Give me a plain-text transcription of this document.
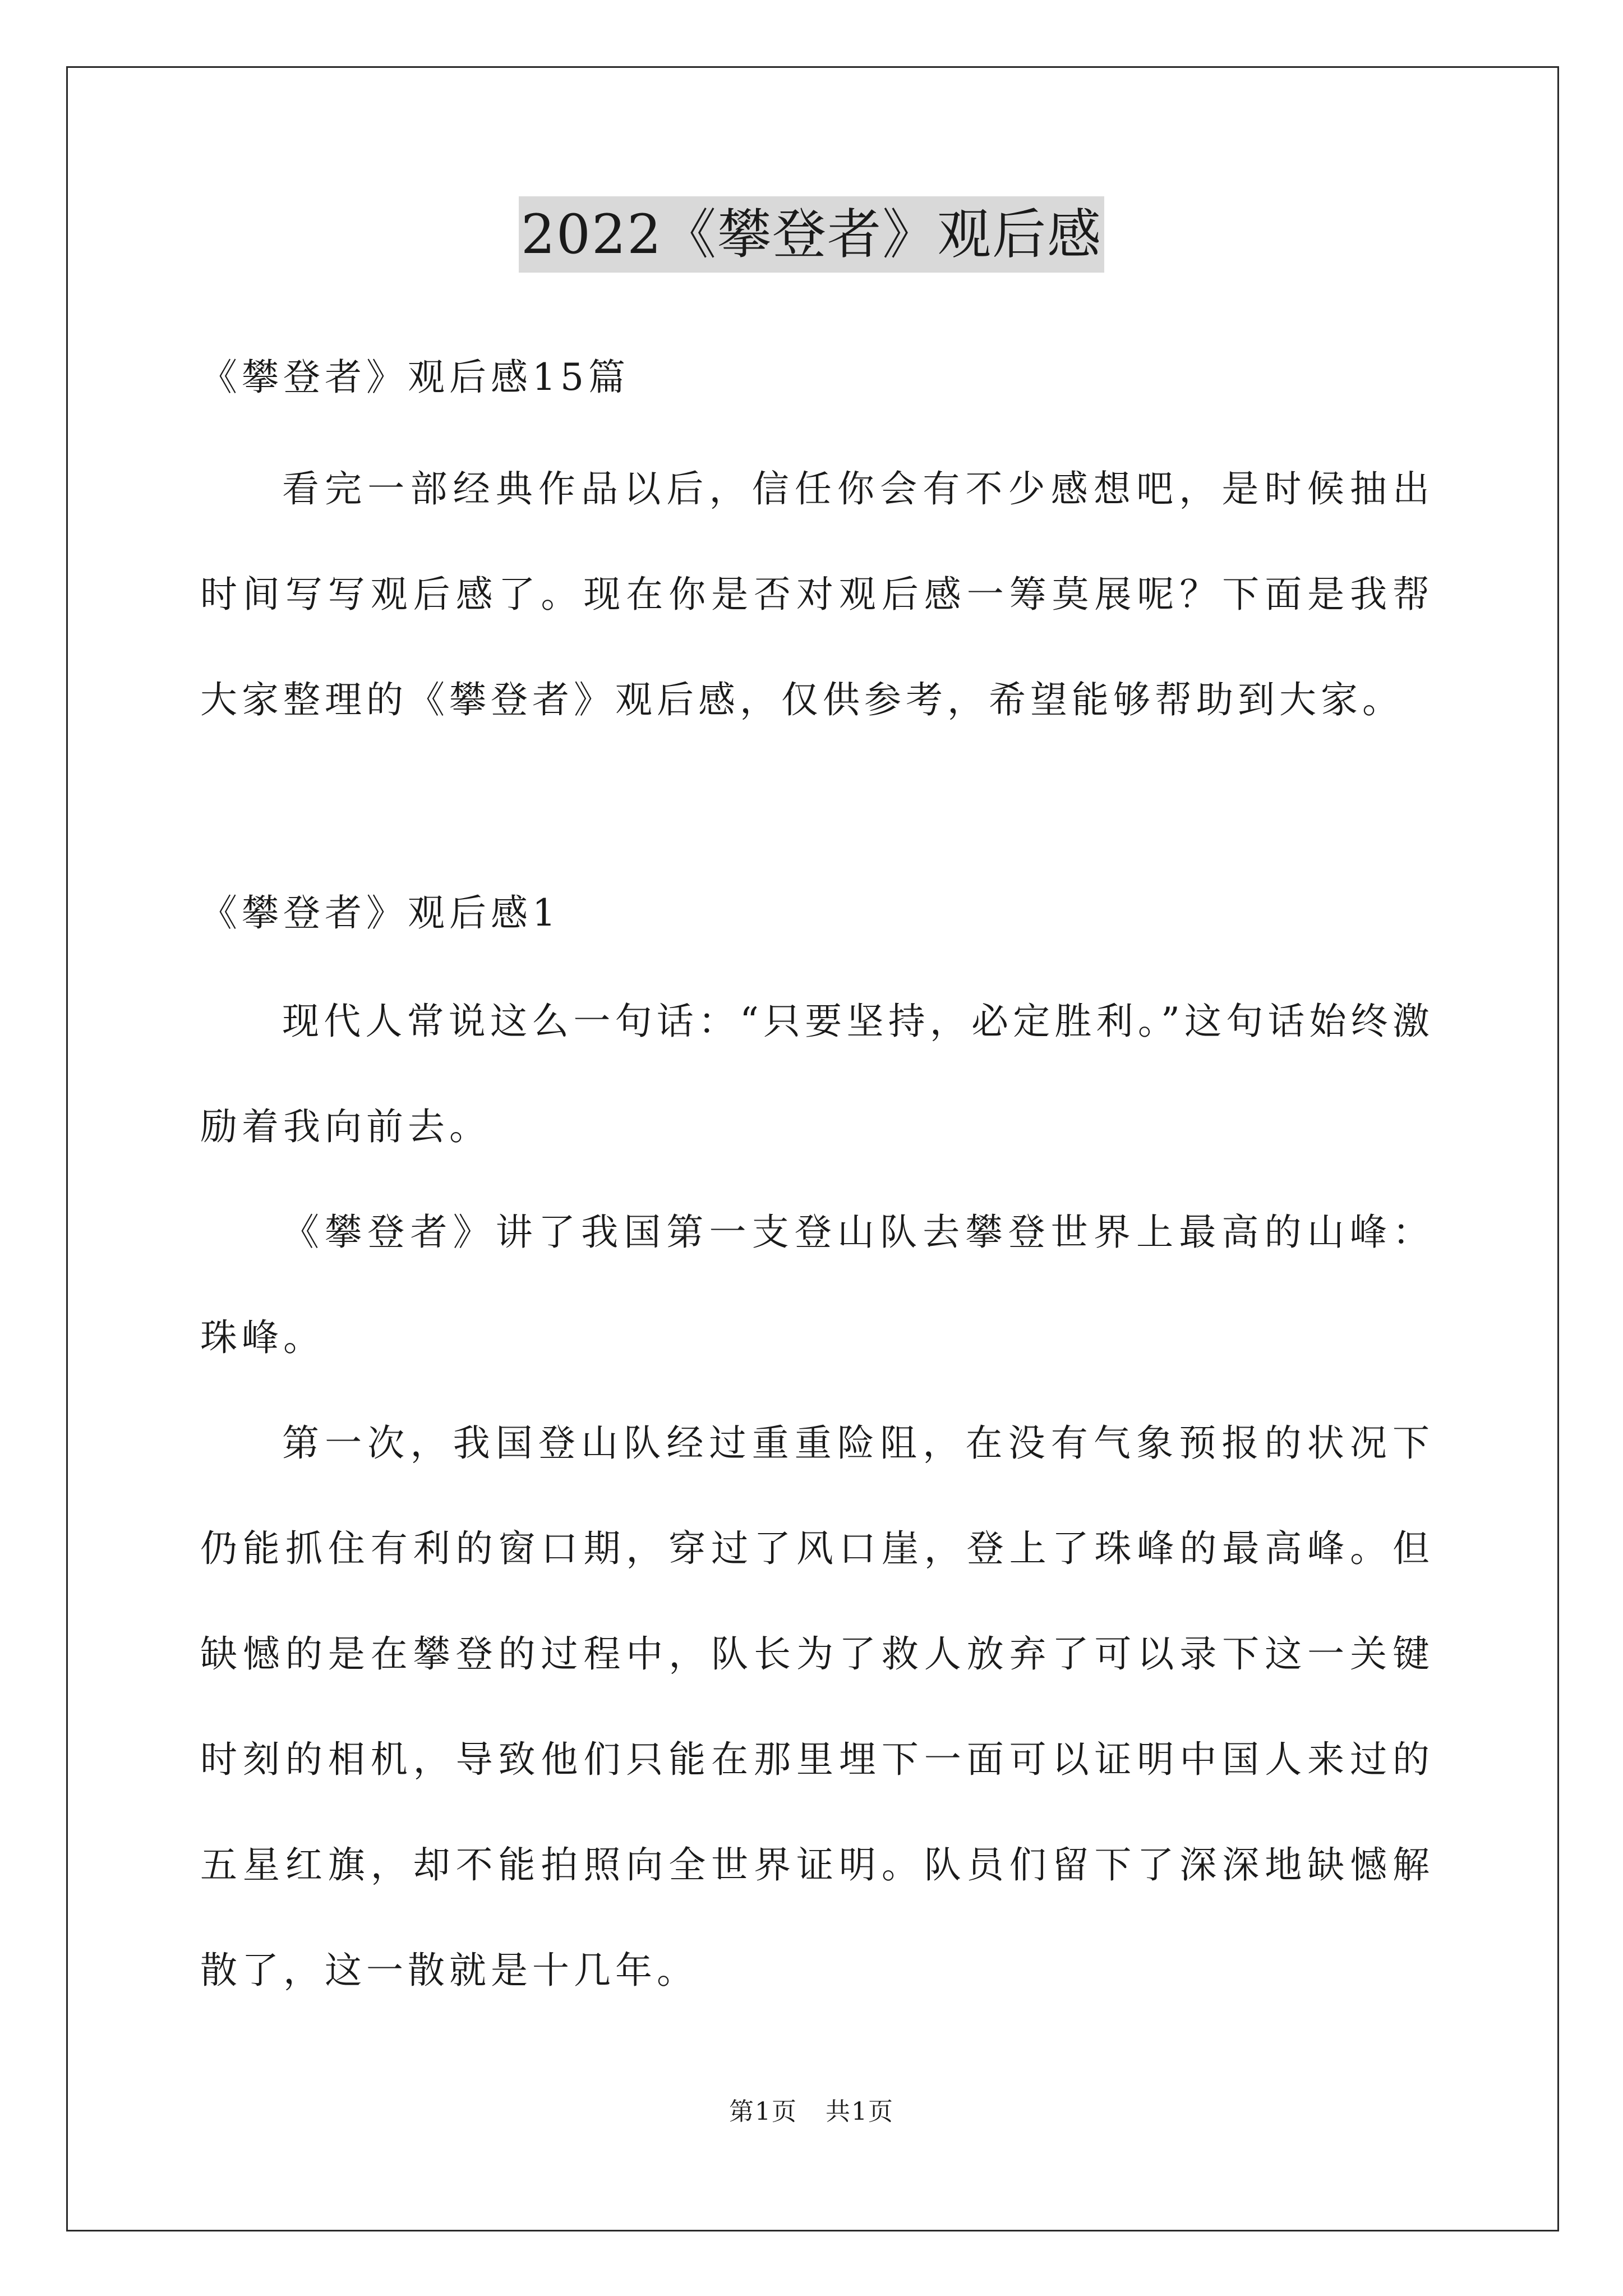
2022《攀登者》观后感
《攀登者》观后感15篇
看完一部经典作品以后，信任你会有不少感想吧，是时候抽出时间写写观后感了。现在你是否对观后感一筹莫展呢？下面是我帮大家整理的《攀登者》观后感，仅供参考，希望能够帮助到大家。
《攀登者》观后感1
现代人常说这么一句话：“只要坚持，必定胜利。”这句话始终激励着我向前去。
《攀登者》讲了我国第一支登山队去攀登世界上最高的山峰：珠峰。
第一次，我国登山队经过重重险阻，在没有气象预报的状况下仍能抓住有利的窗口期，穿过了风口崖，登上了珠峰的最高峰。但缺憾的是在攀登的过程中，队长为了救人放弃了可以录下这一关键时刻的相机，导致他们只能在那里埋下一面可以证明中国人来过的五星红旗，却不能拍照向全世界证明。队员们留下了深深地缺憾解散了，这一散就是十几年。
第1页 共1页
